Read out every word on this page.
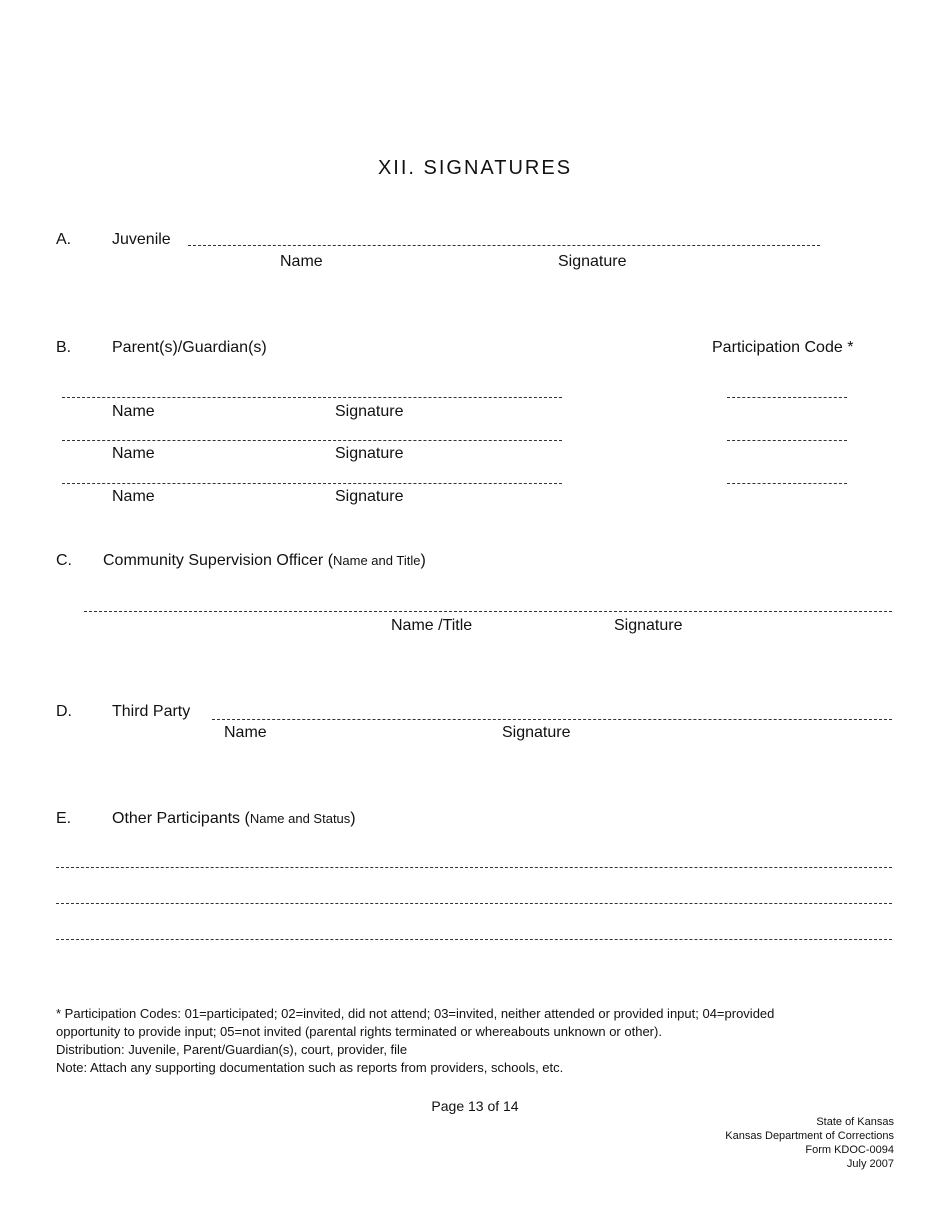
XII. SIGNATURES
A.	Juvenile
Name	Signature
B.	Parent(s)/Guardian(s)	Participation Code *
Name	Signature
Name	Signature
Name	Signature
C. Community Supervision Officer (Name and Title)
Name /Title	Signature
D.	Third Party
Name	Signature
E.	Other Participants (Name and Status)
* Participation Codes: 01=participated; 02=invited, did not attend; 03=invited, neither attended or provided input; 04=provided
opportunity to provide input; 05=not invited (parental rights terminated or whereabouts unknown or other).
Distribution: Juvenile, Parent/Guardian(s), court, provider, file
Note: Attach any supporting documentation such as reports from providers, schools, etc.
Page 13 of 14
State of Kansas
Kansas Department of Corrections
Form KDOC-0094
July 2007
